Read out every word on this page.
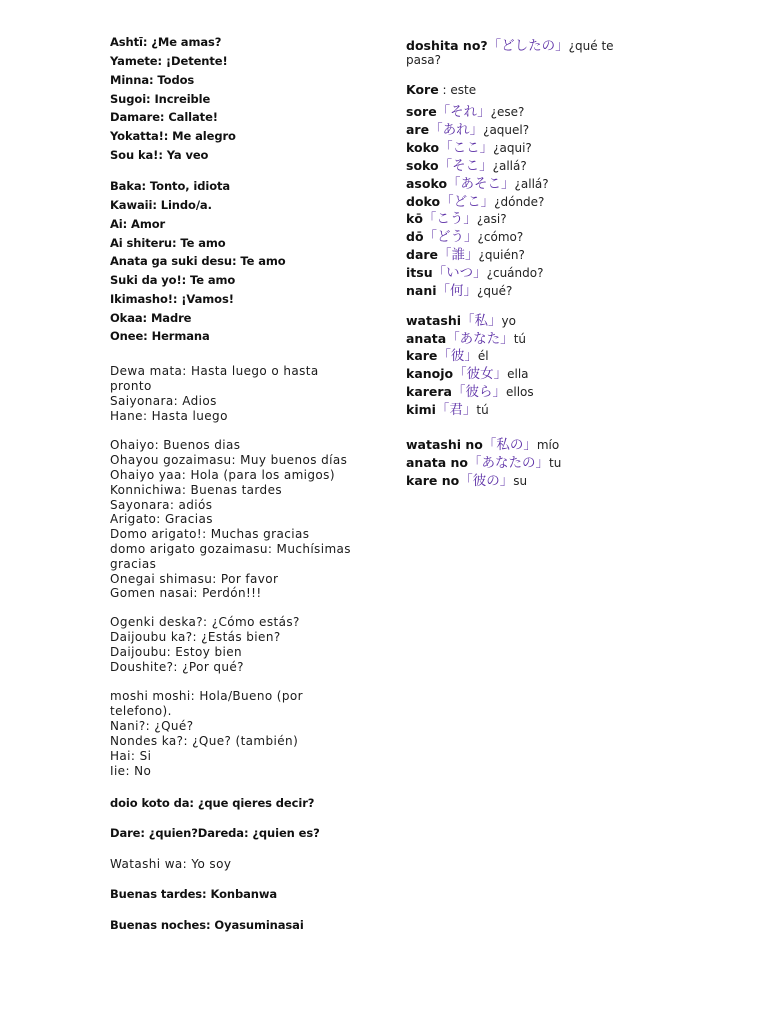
Ashtī: ¿Me amas?
Yamete: ¡Detente!
Minna: Todos
Sugoi: Increible
Damare: Callate!
Yokatta!: Me alegro
Sou ka!: Ya veo
Baka: Tonto, idiota
Kawaii: Lindo/a.
Ai: Amor
Ai shiteru: Te amo
Anata ga suki desu: Te amo
Suki da yo!: Te amo
Ikimasho!: ¡Vamos!
Okaa: Madre
Onee: Hermana
Dewa mata: Hasta luego o hasta
pronto
Saiyonara: Adios
Hane: Hasta luego
Ohaiyo: Buenos dias
Ohayou gozaimasu: Muy buenos días
Ohaiyo yaa: Hola (para los amigos)
Konnichiwa: Buenas tardes
Sayonara: adiós
Arigato: Gracias
Domo arigato!: Muchas gracias
domo arigato gozaimasu: Muchísimas
gracias
Onegai shimasu: Por favor
Gomen nasai: Perdón!!!
Ogenki deska?: ¿Cómo estás?
Daijoubu ka?: ¿Estás bien?
Daijoubu: Estoy bien
Doushite?: ¿Por qué?
moshi moshi: Hola/Bueno (por
telefono).
Nani?: ¿Qué?
Nondes ka?: ¿Que? (también)
Hai: Si
Iie: No
doio koto da: ¿que qieres decir?
Dare: ¿quien?Dareda: ¿quien es?
Watashi wa: Yo soy
Buenas tardes: Konbanwa
Buenas noches: Oyasuminasai
doshita no?「どしたの」¿qué te
pasa?
Kore : este
sore「それ」¿ese?
are「あれ」¿aquel?
koko「ここ」¿aqui?
soko「そこ」¿allá?
asoko「あそこ」¿allá?
doko「どこ」¿dónde?
kō「こう」¿asi?
dō「どう」¿cómo?
dare「誰」¿quién?
itsu「いつ」¿cuándo?
nani「何」¿qué?
watashi「私」yo
anata「あなた」tú
kare「彼」él
kanojo「彼女」ella
karera「彼ら」ellos
kimi「君」tú
watashi no「私の」mío
anata no「あなたの」tu
kare no「彼の」su
